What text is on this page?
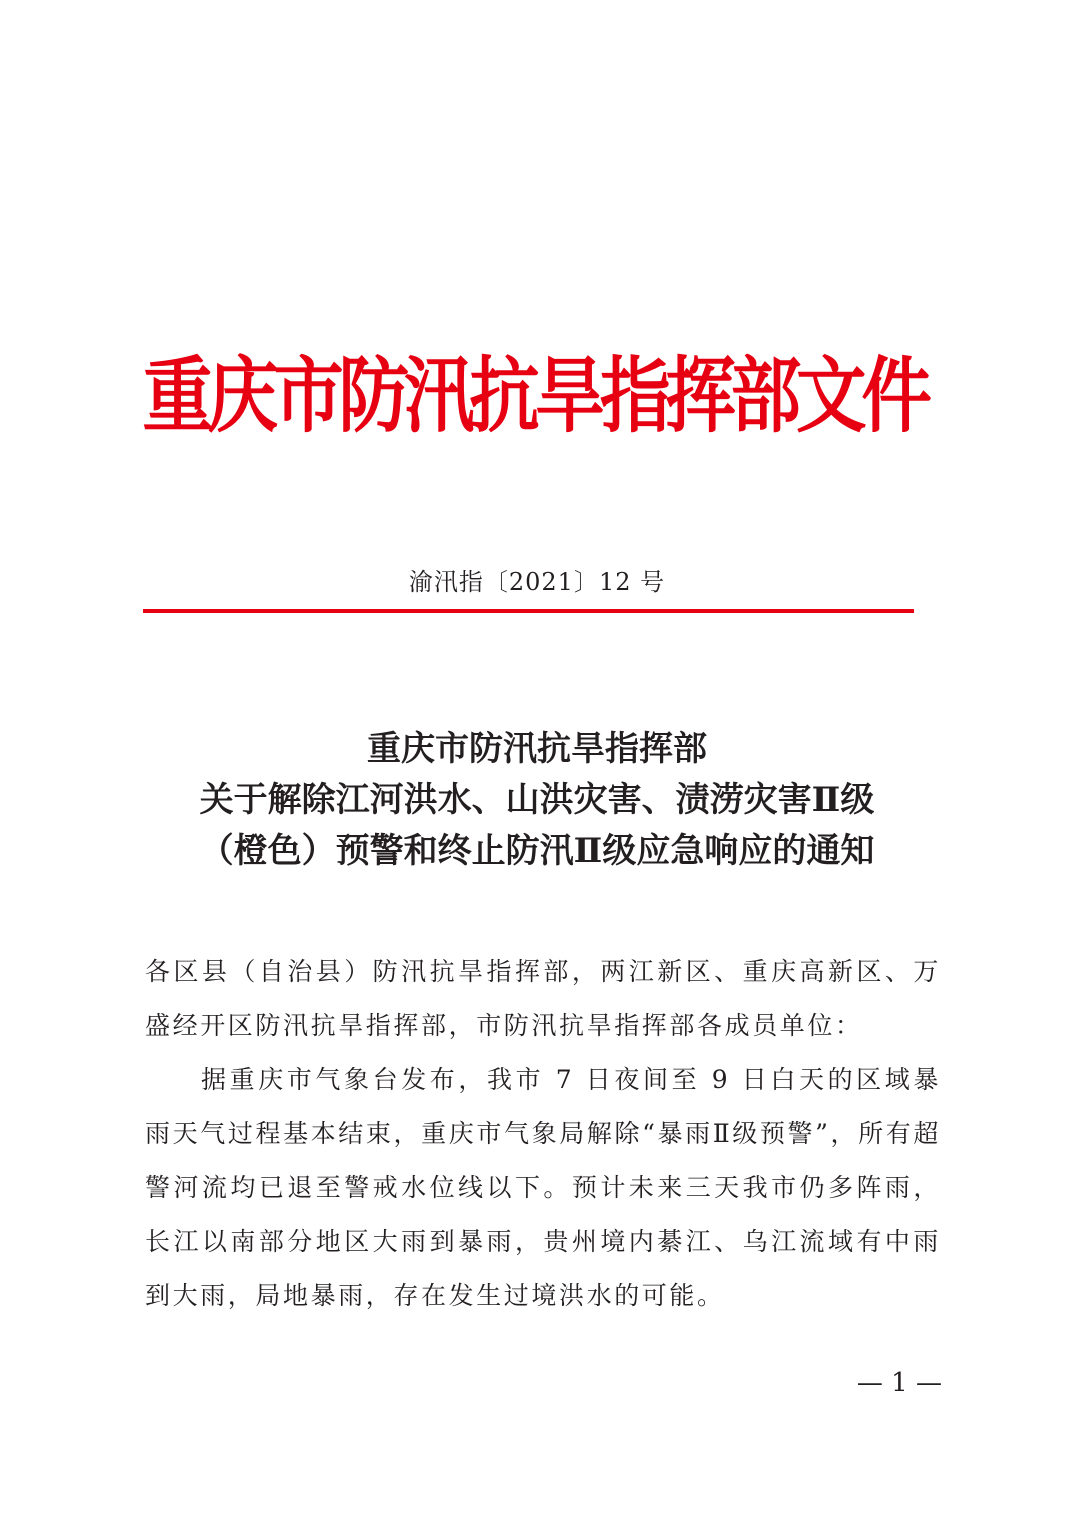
重庆市防汛抗旱指挥部文件
渝汛指〔2021〕12 号
重庆市防汛抗旱指挥部
关于解除江河洪水、山洪灾害、渍涝灾害Ⅱ级
（橙色）预警和终止防汛Ⅱ级应急响应的通知

各区县（自治县）防汛抗旱指挥部，两江新区、重庆高新区、万盛经开区防汛抗旱指挥部，市防汛抗旱指挥部各成员单位：

据重庆市气象台发布，我市 7 日夜间至 9 日白天的区域暴雨天气过程基本结束，重庆市气象局解除“暴雨Ⅱ级预警”，所有超警河流均已退至警戒水位线以下。预计未来三天我市仍多阵雨，长江以南部分地区大雨到暴雨，贵州境内綦江、乌江流域有中雨到大雨，局地暴雨，存在发生过境洪水的可能。

— 1 —
